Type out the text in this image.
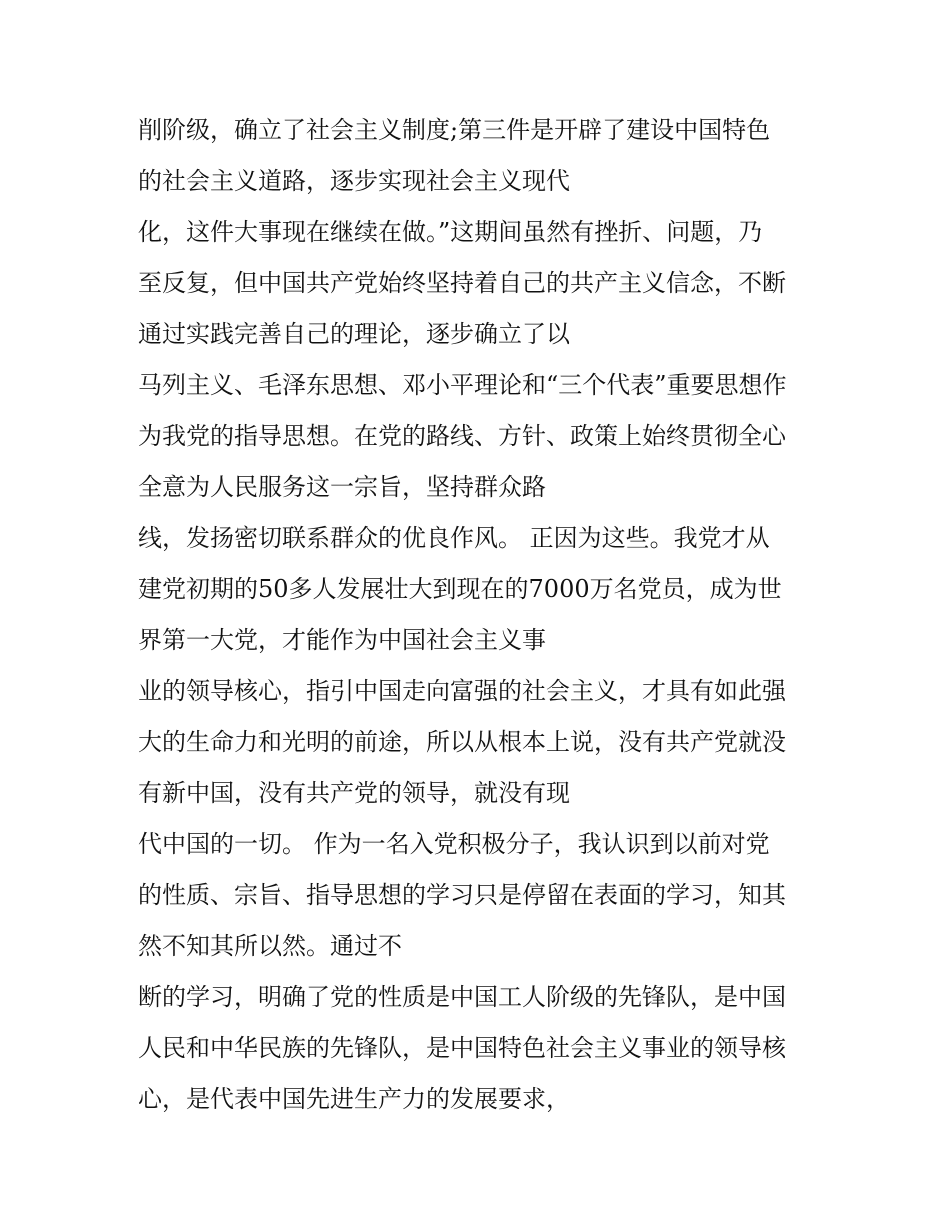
削阶级，确立了社会主义制度;第三件是开辟了建设中国特色
的社会主义道路，逐步实现社会主义现代
化，这件大事现在继续在做。”这期间虽然有挫折、问题，乃
至反复，但中国共产党始终坚持着自己的共产主义信念，不断
通过实践完善自己的理论，逐步确立了以
马列主义、毛泽东思想、邓小平理论和“三个代表”重要思想作
为我党的指导思想。在党的路线、方针、政策上始终贯彻全心
全意为人民服务这一宗旨，坚持群众路
线，发扬密切联系群众的优良作风。 正因为这些。我党才从
建党初期的50多人发展壮大到现在的7000万名党员，成为世
界第一大党，才能作为中国社会主义事
业的领导核心，指引中国走向富强的社会主义，才具有如此强
大的生命力和光明的前途，所以从根本上说，没有共产党就没
有新中国，没有共产党的领导，就没有现
代中国的一切。 作为一名入党积极分子，我认识到以前对党
的性质、宗旨、指导思想的学习只是停留在表面的学习，知其
然不知其所以然。通过不
断的学习，明确了党的性质是中国工人阶级的先锋队，是中国
人民和中华民族的先锋队，是中国特色社会主义事业的领导核
心，是代表中国先进生产力的发展要求，
